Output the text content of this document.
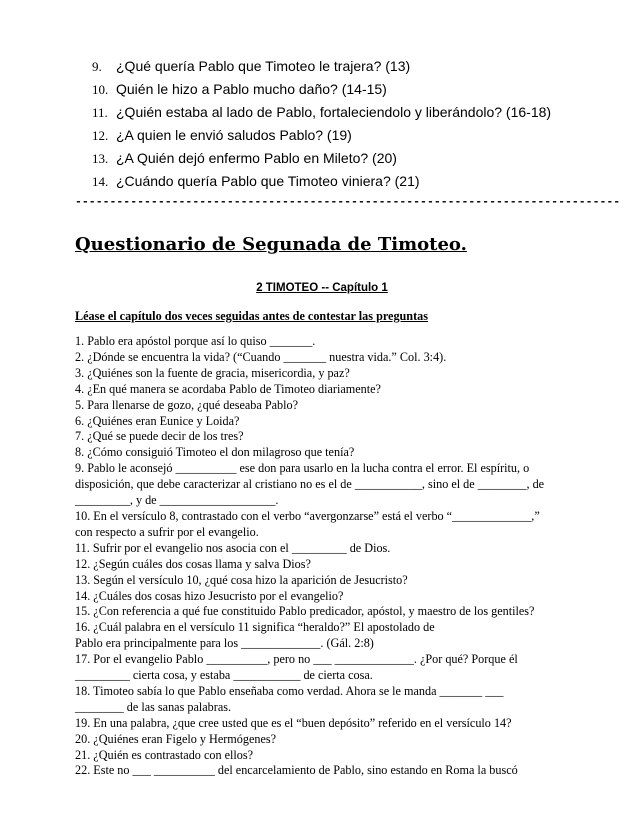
9.	¿Qué quería Pablo que Timoteo le trajera? (13)
10. Quién le hizo a Pablo mucho daño? (14-15)
11. ¿Quién estaba al lado de Pablo, fortaleciendolo y liberándolo? (16-18)
12. ¿A quien le envió saludos Pablo? (19)
13. ¿A Quién dejó enfermo Pablo en Mileto? (20)
14. ¿Cuándo quería Pablo que Timoteo viniera? (21)
-------------------------------------------------------------------------------
Questionario de Segunada de Timoteo.
2 TIMOTEO -- Capítulo 1
Léase el capítulo dos veces seguidas antes de contestar las preguntas
1. Pablo era apóstol porque así lo quiso _______.
2. ¿Dónde se encuentra la vida? (“Cuando _______ nuestra vida.” Col. 3:4).
3. ¿Quiénes son la fuente de gracia, misericordia, y paz?
4. ¿En qué manera se acordaba Pablo de Timoteo diariamente?
5. Para llenarse de gozo, ¿qué deseaba Pablo?
6. ¿Quiénes eran Eunice y Loida?
7. ¿Qué se puede decir de los tres?
8. ¿Cómo consiguió Timoteo el don milagroso que tenía?
9. Pablo le aconsejó __________ ese don para usarlo en la lucha contra el error. El espíritu, o
disposición, que debe caracterizar al cristiano no es el de ___________, sino el de ________, de
_________, y de ___________________.
10. En el versículo 8, contrastado con el verbo “avergonzarse” está el verbo “_____________,”
con respecto a sufrir por el evangelio.
11. Sufrir por el evangelio nos asocia con el _________ de Dios.
12. ¿Según cuáles dos cosas llama y salva Dios?
13. Según el versículo 10, ¿qué cosa hizo la aparición de Jesucristo?
14. ¿Cuáles dos cosas hizo Jesucristo por el evangelio?
15. ¿Con referencia a qué fue constituido Pablo predicador, apóstol, y maestro de los gentiles?
16. ¿Cuál palabra en el versículo 11 significa “heraldo?” El apostolado de
Pablo era principalmente para los _____________. (Gál. 2:8)
17. Por el evangelio Pablo __________, pero no ___ _____________. ¿Por qué? Porque él
_________ cierta cosa, y estaba ___________ de cierta cosa.
18. Timoteo sabía lo que Pablo enseñaba como verdad. Ahora se le manda _______ ___
________ de las sanas palabras.
19. En una palabra, ¿que cree usted que es el “buen depósito” referido en el versículo 14?
20. ¿Quiénes eran Figelo y Hermógenes?
21. ¿Quién es contrastado con ellos?
22. Este no ___ __________ del encarcelamiento de Pablo, sino estando en Roma la buscó
